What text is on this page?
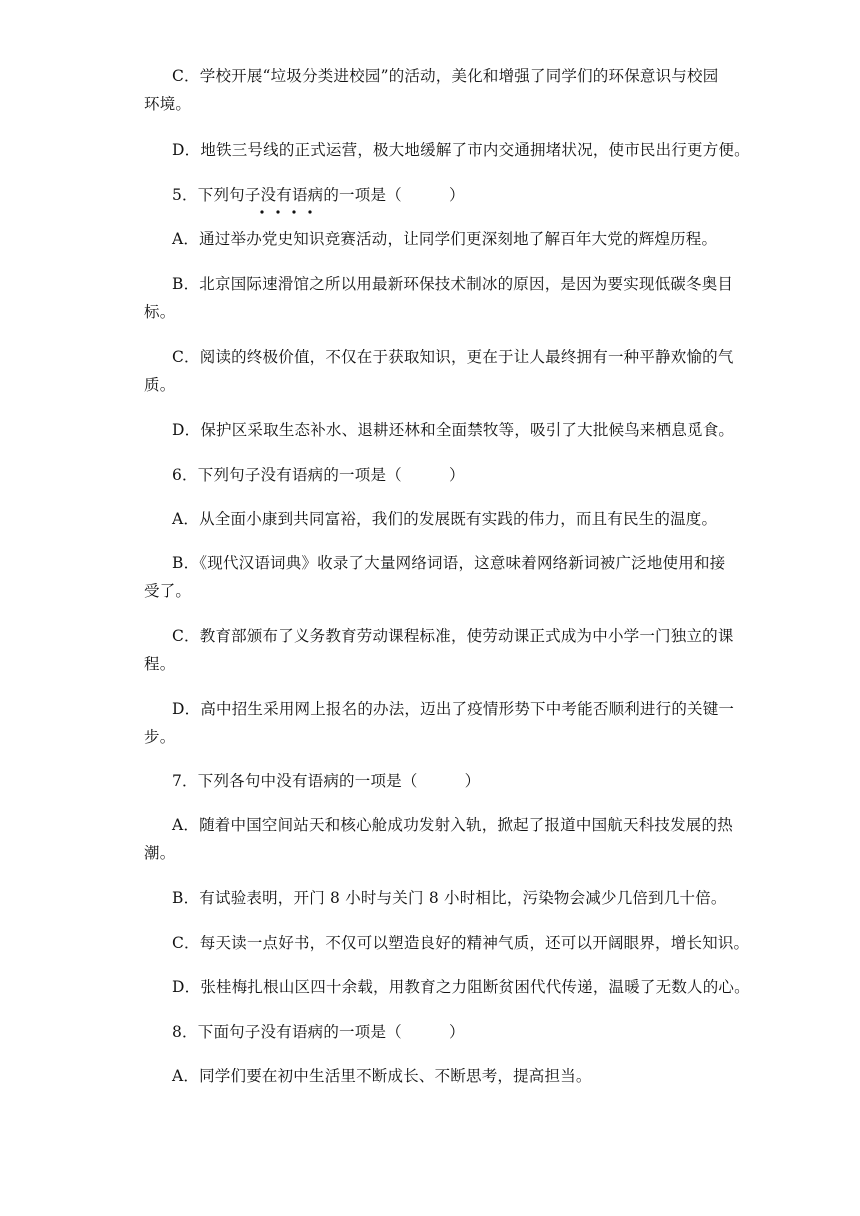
C．学校开展“垃圾分类进校园”的活动，美化和增强了同学们的环保意识与校园
环境。
D．地铁三号线的正式运营，极大地缓解了市内交通拥堵状况，使市民出行更方便。
5．下列句子没有语病的一项是（　　　）
A．通过举办党史知识竞赛活动，让同学们更深刻地了解百年大党的辉煌历程。
B．北京国际速滑馆之所以用最新环保技术制冰的原因，是因为要实现低碳冬奥目
标。
C．阅读的终极价值，不仅在于获取知识，更在于让人最终拥有一种平静欢愉的气
质。
D．保护区采取生态补水、退耕还林和全面禁牧等，吸引了大批候鸟来栖息觅食。
6．下列句子没有语病的一项是（　　　）
A．从全面小康到共同富裕，我们的发展既有实践的伟力，而且有民生的温度。
B．《现代汉语词典》收录了大量网络词语，这意味着网络新词被广泛地使用和接
受了。
C．教育部颁布了义务教育劳动课程标准，使劳动课正式成为中小学一门独立的课
程。
D．高中招生采用网上报名的办法，迈出了疫情形势下中考能否顺利进行的关键一
步。
7．下列各句中没有语病的一项是（　　　）
A．随着中国空间站天和核心舱成功发射入轨，掀起了报道中国航天科技发展的热
潮。
B．有试验表明，开门 8 小时与关门 8 小时相比，污染物会减少几倍到几十倍。
C．每天读一点好书，不仅可以塑造良好的精神气质，还可以开阔眼界，增长知识。
D．张桂梅扎根山区四十余载，用教育之力阻断贫困代代传递，温暖了无数人的心。
8．下面句子没有语病的一项是（　　　）
A．同学们要在初中生活里不断成长、不断思考，提高担当。
